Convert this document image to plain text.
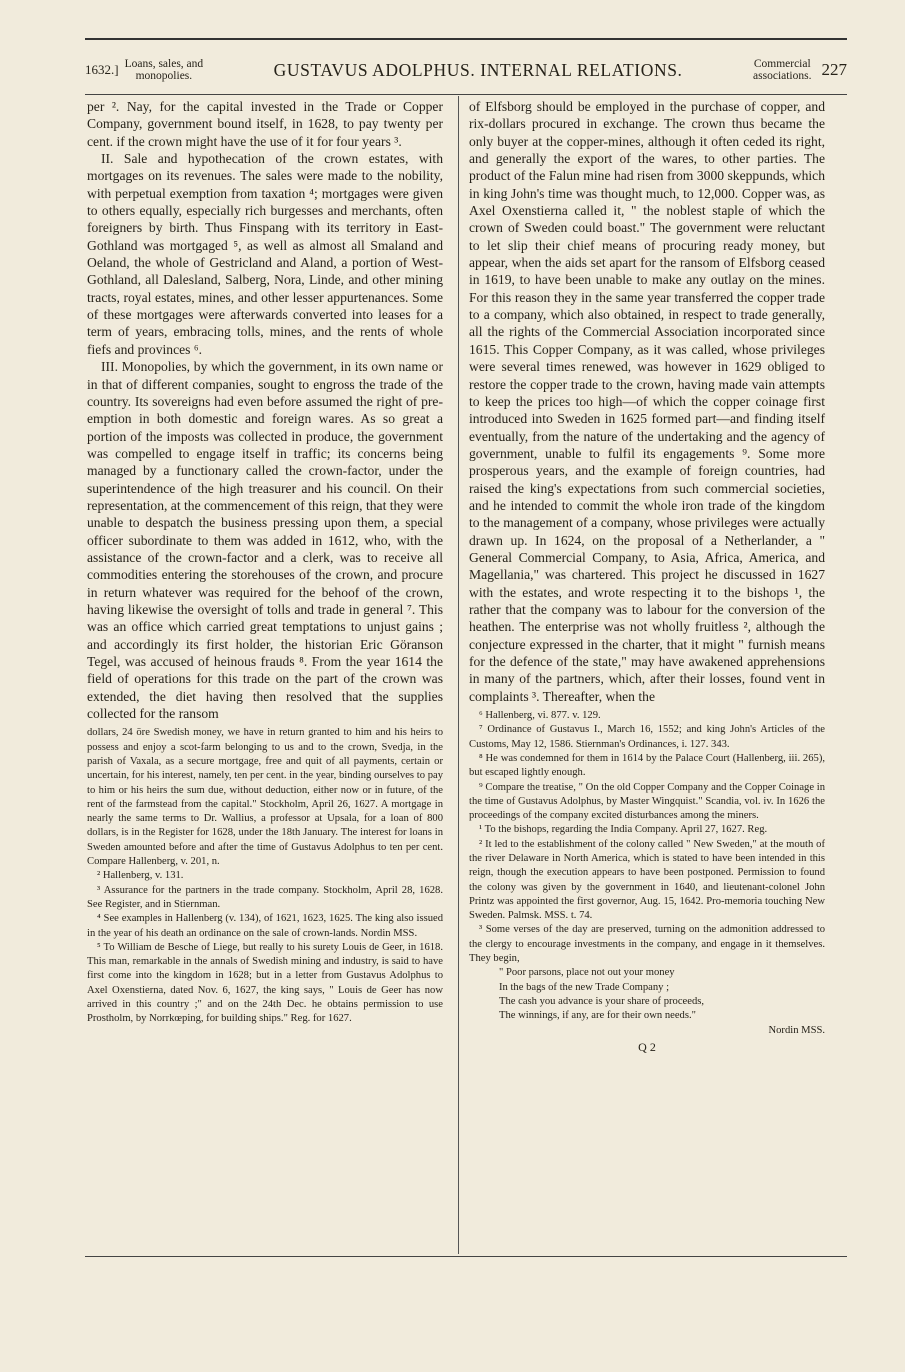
1632.] Loans, sales, and
monopolies.	GUSTAVUS ADOLPHUS. INTERNAL RELATIONS.	Commercial
associations. 227

per ². Nay, for the capital invested in the Trade or Copper Company, government bound itself, in 1628, to pay twenty per cent. if the crown might have the use of it for four years ³.

II. Sale and hypothecation of the crown estates, with mortgages on its revenues. The sales were made to the nobility, with perpetual exemption from taxation ⁴; mortgages were given to others equally, especially rich burgesses and merchants, often foreigners by birth. Thus Finspang with its territory in East-Gothland was mortgaged ⁵, as well as almost all Smaland and Oeland, the whole of Gestricland and Aland, a portion of West-Gothland, all Dalesland, Salberg, Nora, Linde, and other mining tracts, royal estates, mines, and other lesser appurtenances. Some of these mortgages were afterwards converted into leases for a term of years, embracing tolls, mines, and the rents of whole fiefs and provinces ⁶.

III. Monopolies, by which the government, in its own name or in that of different companies, sought to engross the trade of the country. Its sovereigns had even before assumed the right of pre-emption in both domestic and foreign wares. As so great a portion of the imposts was collected in produce, the government was compelled to engage itself in traffic; its concerns being managed by a functionary called the crown-factor, under the superintendence of the high treasurer and his council. On their representation, at the commencement of this reign, that they were unable to despatch the business pressing upon them, a special officer subordinate to them was added in 1612, who, with the assistance of the crown-factor and a clerk, was to receive all commodities entering the storehouses of the crown, and procure in return whatever was required for the behoof of the crown, having likewise the oversight of tolls and trade in general ⁷. This was an office which carried great temptations to unjust gains ; and accordingly its first holder, the historian Eric Göranson Tegel, was accused of heinous frauds ⁸. From the year 1614 the field of operations for this trade on the part of the crown was extended, the diet having then resolved that the supplies collected for the ransom

dollars, 24 öre Swedish money, we have in return granted to him and his heirs to possess and enjoy a scot-farm belonging to us and to the crown, Svedja, in the parish of Vaxala, as a secure mortgage, free and quit of all payments, certain or uncertain, for his interest, namely, ten per cent. in the year, binding ourselves to pay to him or his heirs the sum due, without deduction, either now or in future, of the rent of the farmstead from the capital." Stockholm, April 26, 1627. A mortgage in nearly the same terms to Dr. Wallius, a professor at Upsala, for a loan of 800 dollars, is in the Register for 1628, under the 18th January. The interest for loans in Sweden amounted before and after the time of Gustavus Adolphus to ten per cent. Compare Hallenberg, v. 201, n.

² Hallenberg, v. 131.

³ Assurance for the partners in the trade company. Stockholm, April 28, 1628. See Register, and in Stiernman.

⁴ See examples in Hallenberg (v. 134), of 1621, 1623, 1625. The king also issued in the year of his death an ordinance on the sale of crown-lands. Nordin MSS.

⁵ To William de Besche of Liege, but really to his surety Louis de Geer, in 1618. This man, remarkable in the annals of Swedish mining and industry, is said to have first come into the kingdom in 1628; but in a letter from Gustavus Adolphus to Axel Oxenstierna, dated Nov. 6, 1627, the king says, " Louis de Geer has now arrived in this country ;" and on the 24th Dec. he obtains permission to use Prostholm, by Norrkœping, for building ships." Reg. for 1627.

of Elfsborg should be employed in the purchase of copper, and rix-dollars procured in exchange. The crown thus became the only buyer at the copper-mines, although it often ceded its right, and generally the export of the wares, to other parties. The product of the Falun mine had risen from 3000 skeppunds, which in king John's time was thought much, to 12,000. Copper was, as Axel Oxenstierna called it, " the noblest staple of which the crown of Sweden could boast." The government were reluctant to let slip their chief means of procuring ready money, but appear, when the aids set apart for the ransom of Elfsborg ceased in 1619, to have been unable to make any outlay on the mines. For this reason they in the same year transferred the copper trade to a company, which also obtained, in respect to trade generally, all the rights of the Commercial Association incorporated since 1615. This Copper Company, as it was called, whose privileges were several times renewed, was however in 1629 obliged to restore the copper trade to the crown, having made vain attempts to keep the prices too high—of which the copper coinage first introduced into Sweden in 1625 formed part—and finding itself eventually, from the nature of the undertaking and the agency of government, unable to fulfil its engagements ⁹. Some more prosperous years, and the example of foreign countries, had raised the king's expectations from such commercial societies, and he intended to commit the whole iron trade of the kingdom to the management of a company, whose privileges were actually drawn up. In 1624, on the proposal of a Netherlander, a " General Commercial Company, to Asia, Africa, America, and Magellania," was chartered. This project he discussed in 1627 with the estates, and wrote respecting it to the bishops ¹, the rather that the company was to labour for the conversion of the heathen. The enterprise was not wholly fruitless ², although the conjecture expressed in the charter, that it might " furnish means for the defence of the state," may have awakened apprehensions in many of the partners, which, after their losses, found vent in complaints ³. Thereafter, when the

⁶ Hallenberg, vi. 877. v. 129.

⁷ Ordinance of Gustavus I., March 16, 1552; and king John's Articles of the Customs, May 12, 1586. Stiernman's Ordinances, i. 127. 343.

⁸ He was condemned for them in 1614 by the Palace Court (Hallenberg, iii. 265), but escaped lightly enough.

⁹ Compare the treatise, " On the old Copper Company and the Copper Coinage in the time of Gustavus Adolphus, by Master Wingquist." Scandia, vol. iv. In 1626 the proceedings of the company excited disturbances among the miners.

¹ To the bishops, regarding the India Company. April 27, 1627. Reg.

² It led to the establishment of the colony called " New Sweden," at the mouth of the river Delaware in North America, which is stated to have been intended in this reign, though the execution appears to have been postponed. Permission to found the colony was given by the government in 1640, and lieutenant-colonel John Printz was appointed the first governor, Aug. 15, 1642. Pro-memoria touching New Sweden. Palmsk. MSS. t. 74.

³ Some verses of the day are preserved, turning on the admonition addressed to the clergy to encourage investments in the company, and engage in it themselves. They begin,

" Poor parsons, place not out your money
In the bags of the new Trade Company ;
The cash you advance is your share of proceeds,
The winnings, if any, are for their own needs."
Nordin MSS.
Q 2
